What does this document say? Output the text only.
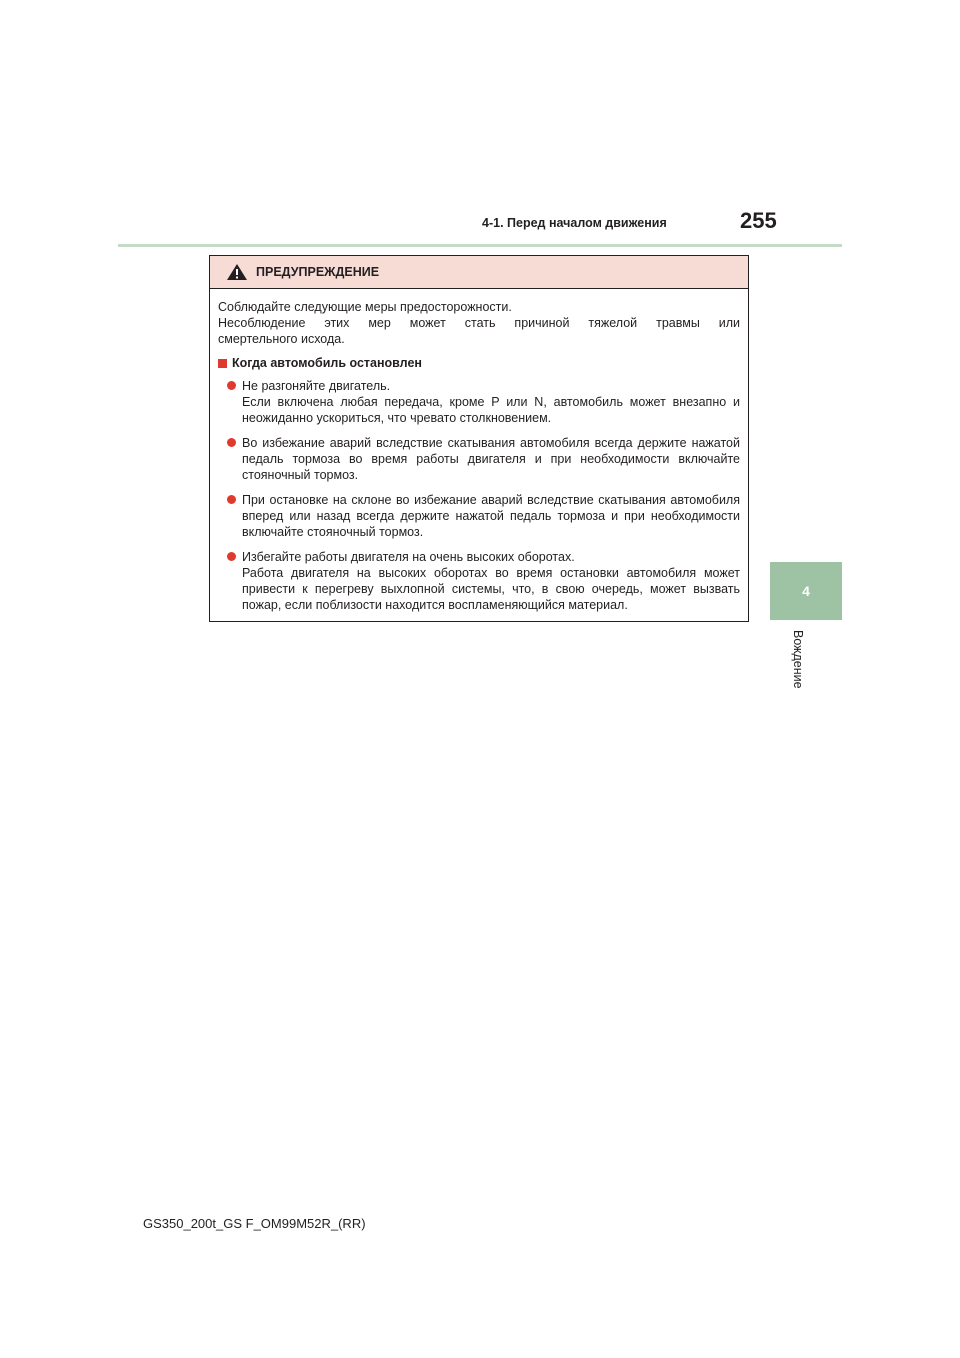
4-1. Перед началом движения	255
4
Вождение
ПРЕДУПРЕЖДЕНИЕ
Соблюдайте следующие меры предосторожности.
Несоблюдение этих мер может стать причиной тяжелой травмы или
смертельного исхода.
Когда автомобиль остановлен
Не разгоняйте двигатель.
Если включена любая передача, кроме P или N, автомобиль может внезапно и неожиданно ускориться, что чревато столкновением.
Во избежание аварий вследствие скатывания автомобиля всегда держите нажатой педаль тормоза во время работы двигателя и при необходимости включайте стояночный тормоз.
При остановке на склоне во избежание аварий вследствие скатывания автомобиля вперед или назад всегда держите нажатой педаль тормоза и при необходимости включайте стояночный тормоз.
Избегайте работы двигателя на очень высоких оборотах.
Работа двигателя на высоких оборотах во время остановки автомобиля может привести к перегреву выхлопной системы, что, в свою очередь, может вызвать пожар, если поблизости находится воспламеняющийся материал.
GS350_200t_GS F_OM99M52R_(RR)
